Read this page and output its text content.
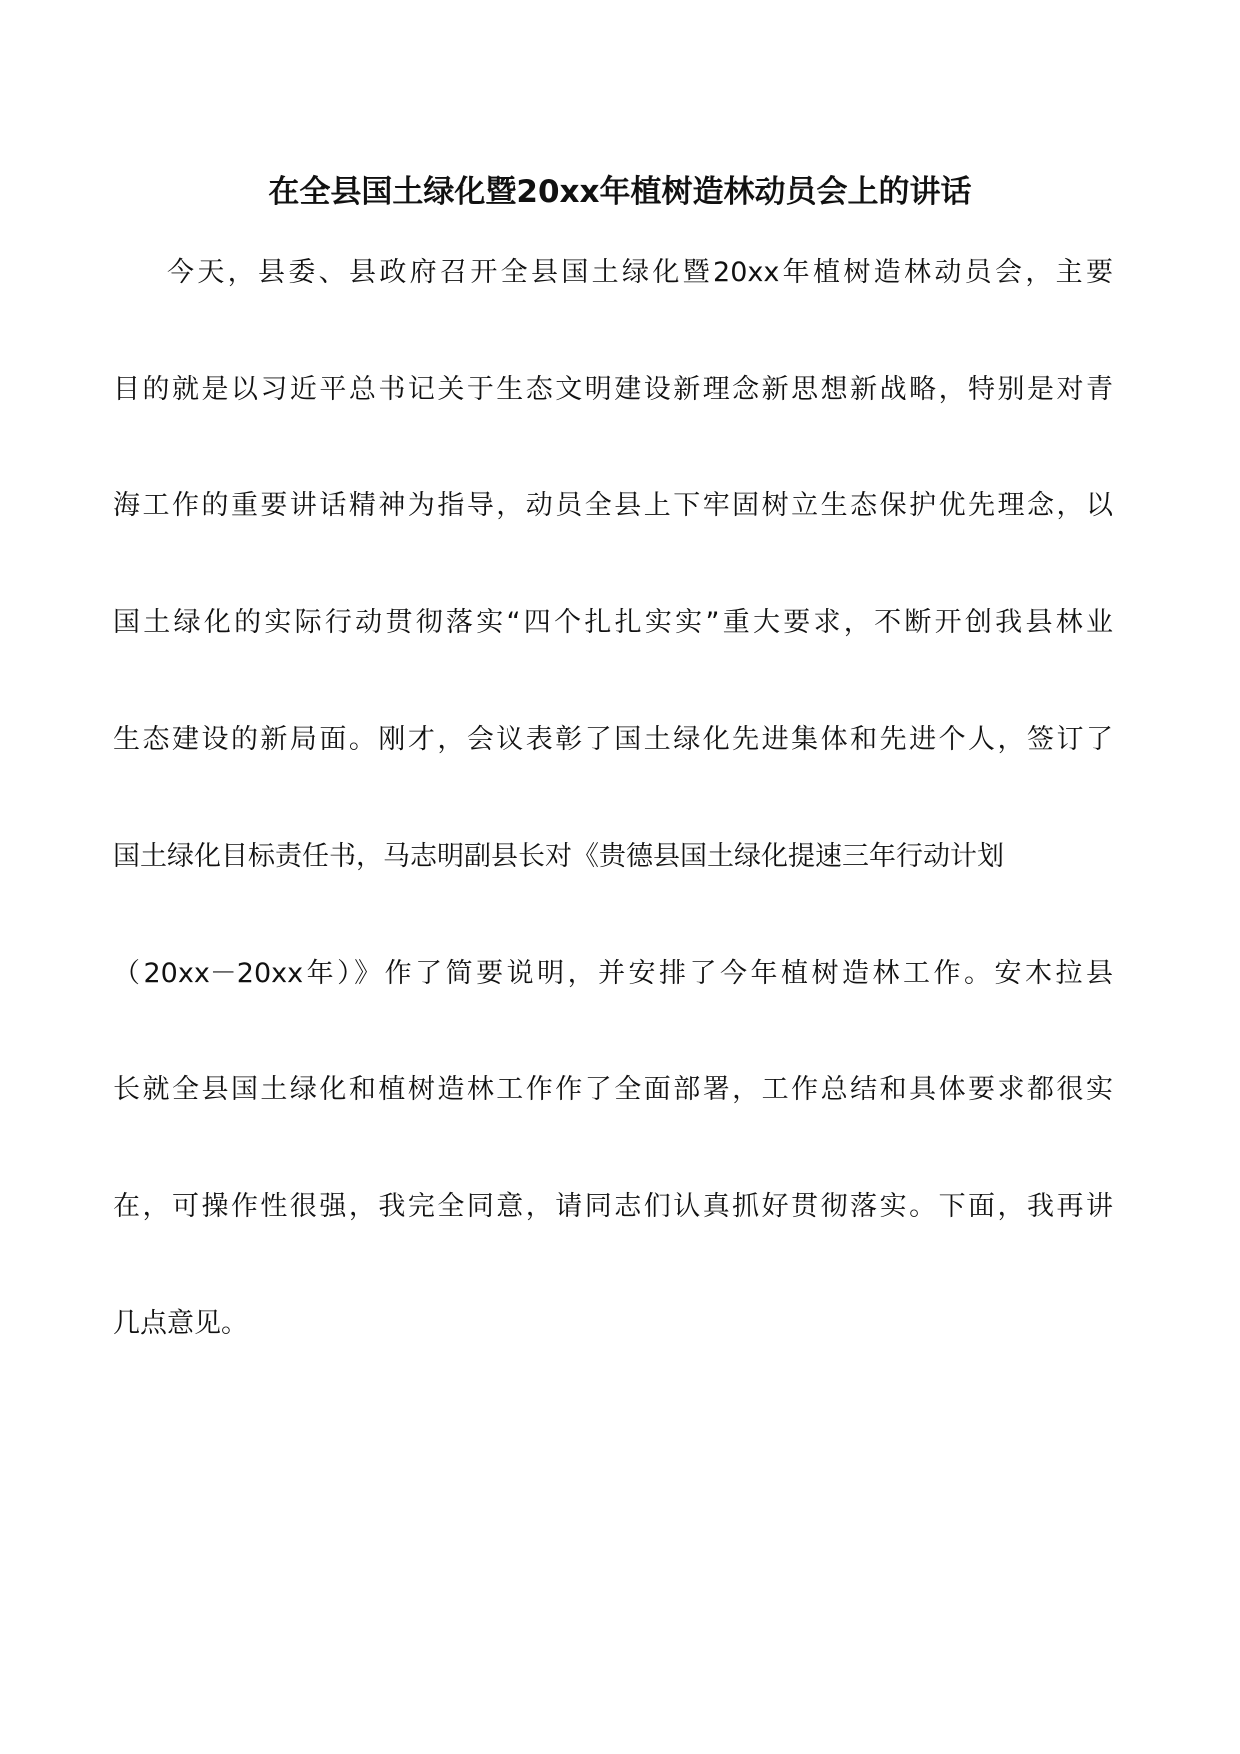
在全县国土绿化暨20xx年植树造林动员会上的讲话

今天，县委、县政府召开全县国土绿化暨20xx年植树造林动员会，主要

目的就是以习近平总书记关于生态文明建设新理念新思想新战略，特别是对青

海工作的重要讲话精神为指导，动员全县上下牢固树立生态保护优先理念，以

国土绿化的实际行动贯彻落实“四个扎扎实实”重大要求，不断开创我县林业

生态建设的新局面。刚才，会议表彰了国土绿化先进集体和先进个人，签订了

国土绿化目标责任书，马志明副县长对《贵德县国土绿化提速三年行动计划

（20xx－20xx年）》作了简要说明，并安排了今年植树造林工作。安木拉县

长就全县国土绿化和植树造林工作作了全面部署，工作总结和具体要求都很实

在，可操作性很强，我完全同意，请同志们认真抓好贯彻落实。下面，我再讲

几点意见。
